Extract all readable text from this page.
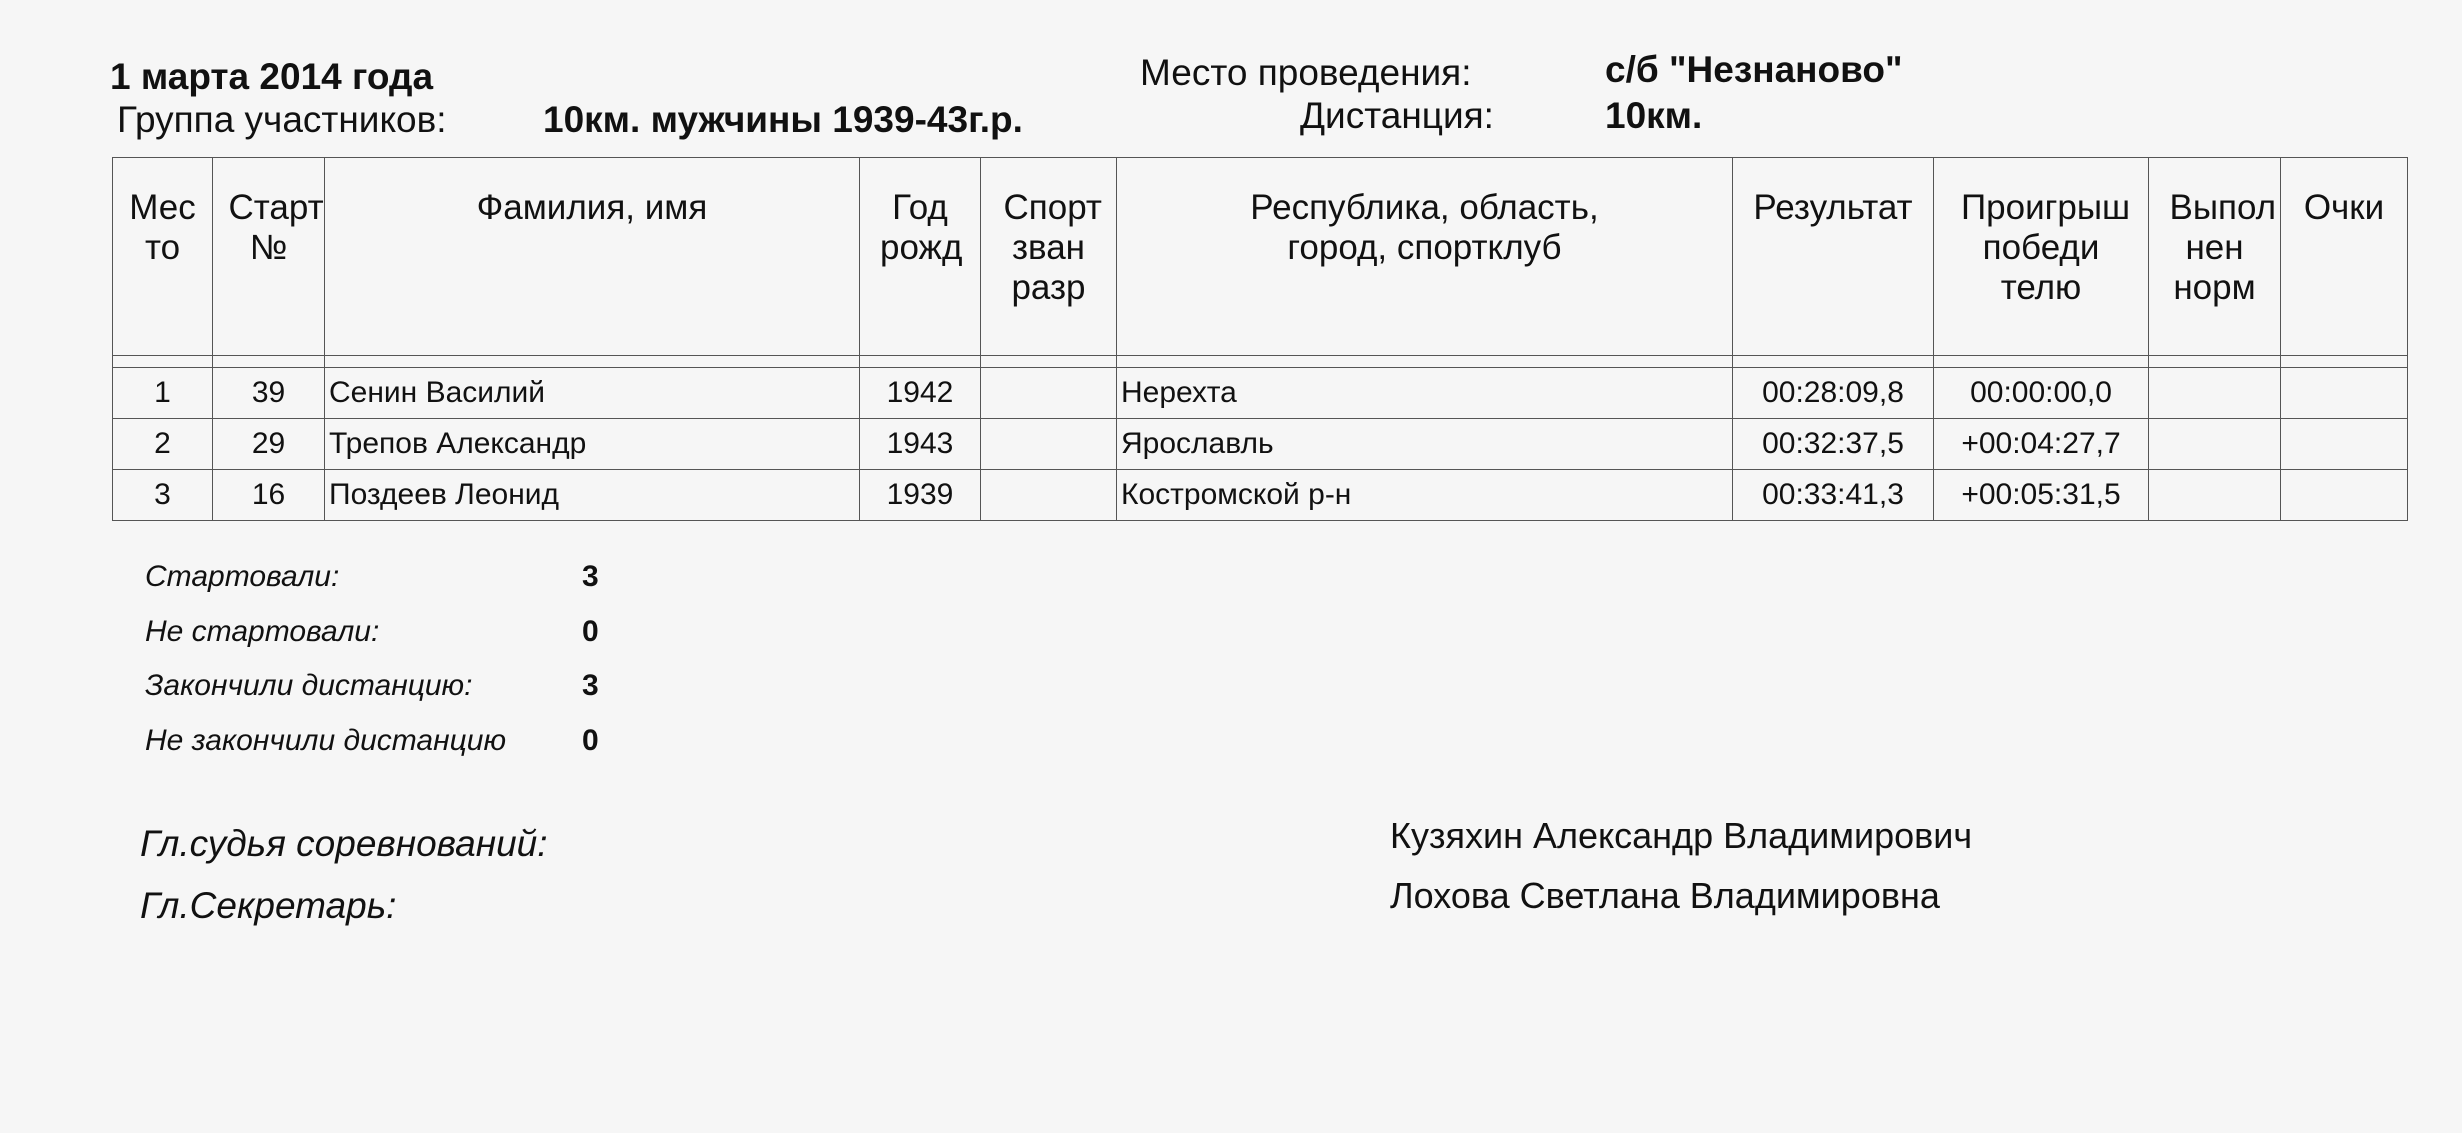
1 марта 2014 года
Группа участников:	10км. мужчины 1939-43г.р.
Место проведения:	с/б "Незнаново"
Дистанция:	10км.
Мес то	Старт №	Фамилия, имя	Год рожд	Спорт зван разр	Республика, область, город, спортклуб	Результат	Проигрыш победи телю	Выпол нен норм	Очки

1	39	Сенин Василий	1942		Нерехта	00:28:09,8	00:00:00,0		
2	29	Трепов Александр	1943		Ярославль	00:32:37,5	+00:04:27,7		
3	16	Поздеев Леонид	1939		Костромской р-н	00:33:41,3	+00:05:31,5		
Стартовали:	3
Не стартовали:	0
Закончили дистанцию:	3
Не закончили дистанцию	0
Гл.судья соревнований:	Кузяхин Александр Владимирович
Гл.Секретарь:	Лохова Светлана Владимировна
